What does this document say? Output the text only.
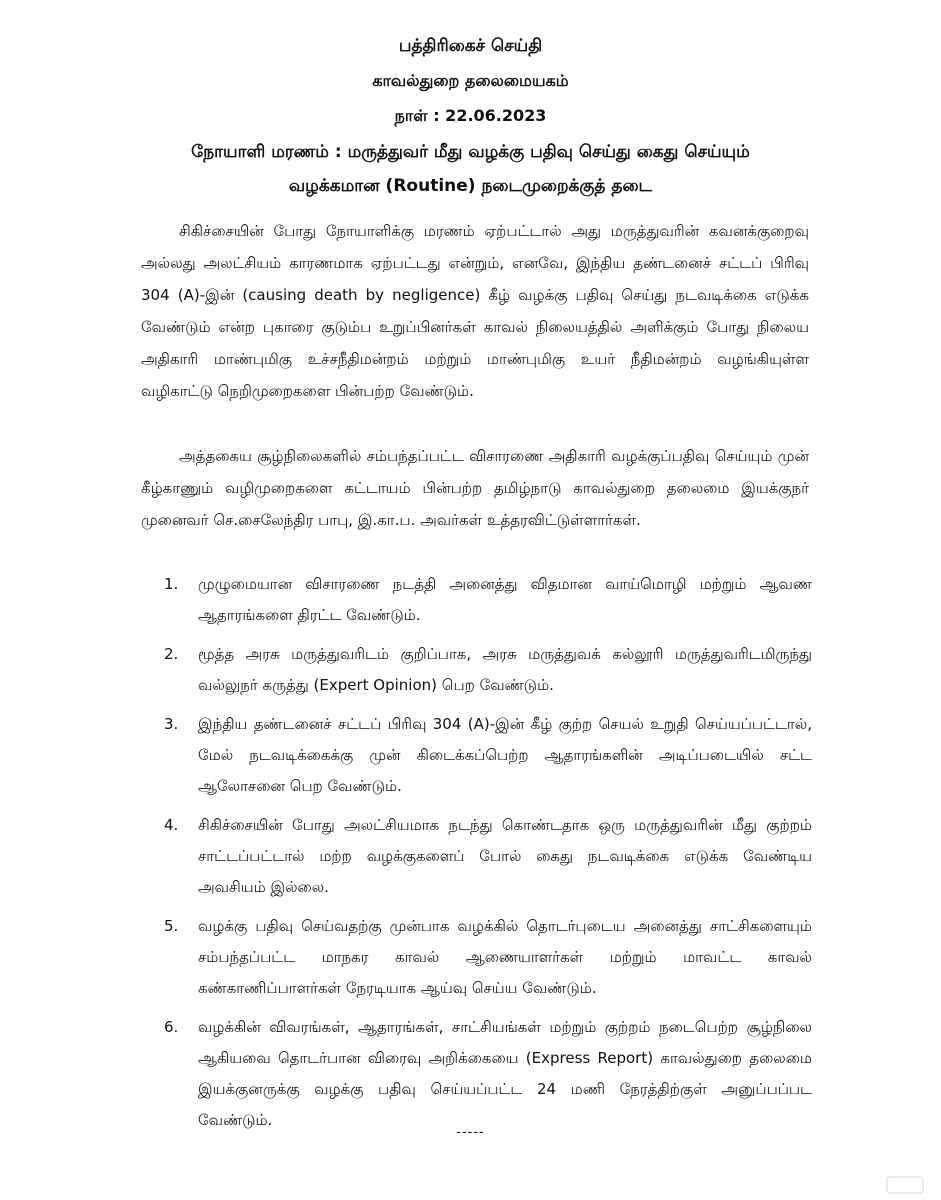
பத்திரிகைச் செய்தி
காவல்துறை தலைமையகம்
நாள் : 22.06.2023
நோயாளி மரணம் : மருத்துவர் மீது வழக்கு பதிவு செய்து கைது செய்யும்
வழக்கமான (Routine) நடைமுறைக்குத் தடை
சிகிச்சையின் போது நோயாளிக்கு மரணம் ஏற்பட்டால் அது மருத்துவரின் கவனக்குறைவு அல்லது அலட்சியம் காரணமாக ஏற்பட்டது என்றும், எனவே, இந்திய தண்டனைச் சட்டப் பிரிவு 304 (A)-இன் (causing death by negligence) கீழ் வழக்கு பதிவு செய்து நடவடிக்கை எடுக்க வேண்டும் என்ற புகாரை குடும்ப உறுப்பினர்கள் காவல் நிலையத்தில் அளிக்கும் போது நிலைய அதிகாரி மாண்புமிகு உச்சநீதிமன்றம் மற்றும் மாண்புமிகு உயர் நீதிமன்றம் வழங்கியுள்ள வழிகாட்டு நெறிமுறைகளை பின்பற்ற வேண்டும்.
அத்தகைய சூழ்நிலைகளில் சம்பந்தப்பட்ட விசாரணை அதிகாரி வழக்குப்பதிவு செய்யும் முன் கீழ்காணும் வழிமுறைகளை கட்டாயம் பின்பற்ற தமிழ்நாடு காவல்துறை தலைமை இயக்குநர் முனைவர் செ.சைலேந்திர பாபு, இ.கா.ப. அவர்கள் உத்தரவிட்டுள்ளார்கள்.
1. முழுமையான விசாரணை நடத்தி அனைத்து விதமான வாய்மொழி மற்றும் ஆவண ஆதாரங்களை திரட்ட வேண்டும்.
2. மூத்த அரசு மருத்துவரிடம் குறிப்பாக, அரசு மருத்துவக் கல்லூரி மருத்துவரிடமிருந்து வல்லுநர் கருத்து (Expert Opinion) பெற வேண்டும்.
3. இந்திய தண்டனைச் சட்டப் பிரிவு 304 (A)-இன் கீழ் குற்ற செயல் உறுதி செய்யப்பட்டால், மேல் நடவடிக்கைக்கு முன் கிடைக்கப்பெற்ற ஆதாரங்களின் அடிப்படையில் சட்ட ஆலோசனை பெற வேண்டும்.
4. சிகிச்சையின் போது அலட்சியமாக நடந்து கொண்டதாக ஒரு மருத்துவரின் மீது குற்றம் சாட்டப்பட்டால் மற்ற வழக்குகளைப் போல் கைது நடவடிக்கை எடுக்க வேண்டிய அவசியம் இல்லை.
5. வழக்கு பதிவு செய்வதற்கு முன்பாக வழக்கில் தொடர்புடைய அனைத்து சாட்சிகளையும் சம்பந்தப்பட்ட மாநகர காவல் ஆணையாளர்கள் மற்றும் மாவட்ட காவல் கண்காணிப்பாளர்கள் நேரடியாக ஆய்வு செய்ய வேண்டும்.
6. வழக்கின் விவரங்கள், ஆதாரங்கள், சாட்சியங்கள் மற்றும் குற்றம் நடைபெற்ற சூழ்நிலை ஆகியவை தொடர்பான விரைவு அறிக்கையை (Express Report) காவல்துறை தலைமை இயக்குனருக்கு வழக்கு பதிவு செய்யப்பட்ட 24 மணி நேரத்திற்குள் அனுப்பப்பட வேண்டும்.
-----
